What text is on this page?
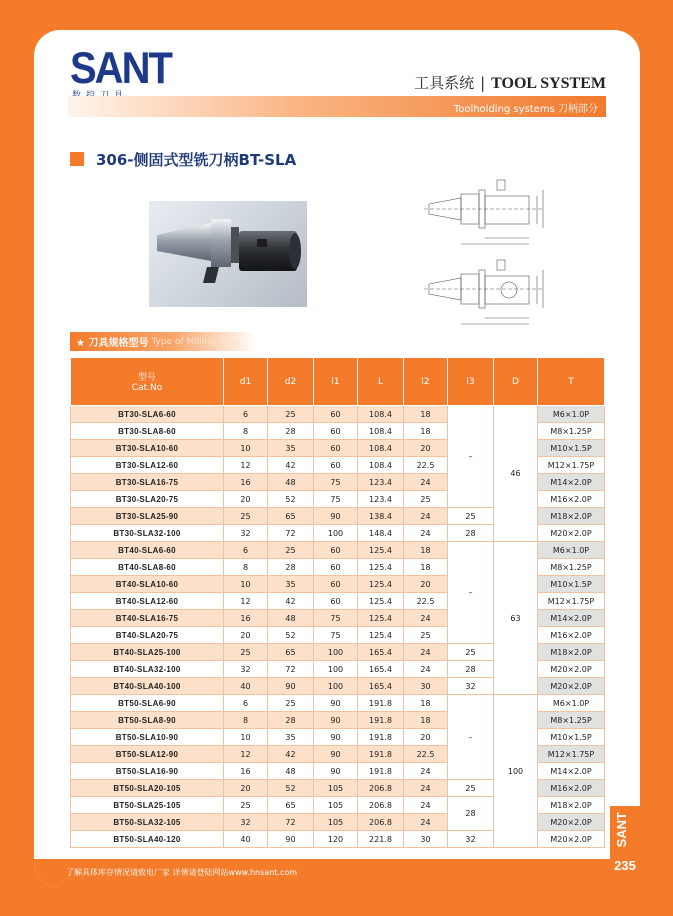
SANT	工具系统 | TOOL SYSTEM
Toolholding systems 刀柄部分
306-侧固式型铣刀柄BT-SLA
★ 刀具规格型号 Type of Milling Tools
型号
Cat.No	d1	d2	l1	L	l2	l3	D	T
BT30-SLA6-60	6	25	60	108.4	18	–	46	M6×1.0P
BT30-SLA8-60	8	28	60	108.4	18			M8×1.25P
BT30-SLA10-60	10	35	60	108.4	20			M10×1.5P
BT30-SLA12-60	12	42	60	108.4	22.5			M12×1.75P
BT30-SLA16-75	16	48	75	123.4	24			M14×2.0P
BT30-SLA20-75	20	52	75	123.4	25			M16×2.0P
BT30-SLA25-90	25	65	90	138.4	24	25		M18×2.0P
BT30-SLA32-100	32	72	100	148.4	24	28		M20×2.0P
BT40-SLA6-60	6	25	60	125.4	18	–	63	M6×1.0P
BT40-SLA8-60	8	28	60	125.4	18			M8×1.25P
BT40-SLA10-60	10	35	60	125.4	20			M10×1.5P
BT40-SLA12-60	12	42	60	125.4	22.5			M12×1.75P
BT40-SLA16-75	16	48	75	125.4	24			M14×2.0P
BT40-SLA20-75	20	52	75	125.4	25			M16×2.0P
BT40-SLA25-100	25	65	100	165.4	24	25		M18×2.0P
BT40-SLA32-100	32	72	100	165.4	24	28		M20×2.0P
BT40-SLA40-100	40	90	100	165.4	30	32		M20×2.0P
BT50-SLA6-90	6	25	90	191.8	18	–	100	M6×1.0P
BT50-SLA8-90	8	28	90	191.8	18			M8×1.25P
BT50-SLA10-90	10	35	90	191.8	20			M10×1.5P
BT50-SLA12-90	12	42	90	191.8	22.5			M12×1.75P
BT50-SLA16-90	16	48	90	191.8	24			M14×2.0P
BT50-SLA20-105	20	52	105	206.8	24	25		M16×2.0P
BT50-SLA25-105	25	65	105	206.8	24	28		M18×2.0P
BT50-SLA32-105	32	72	105	206.8	24			M20×2.0P
BT50-SLA40-120	40	90	120	221.8	30	32		M20×2.0P
了解具体库存情况请致电厂家 详情请登陆网站www.hnsant.com
SANT
235
